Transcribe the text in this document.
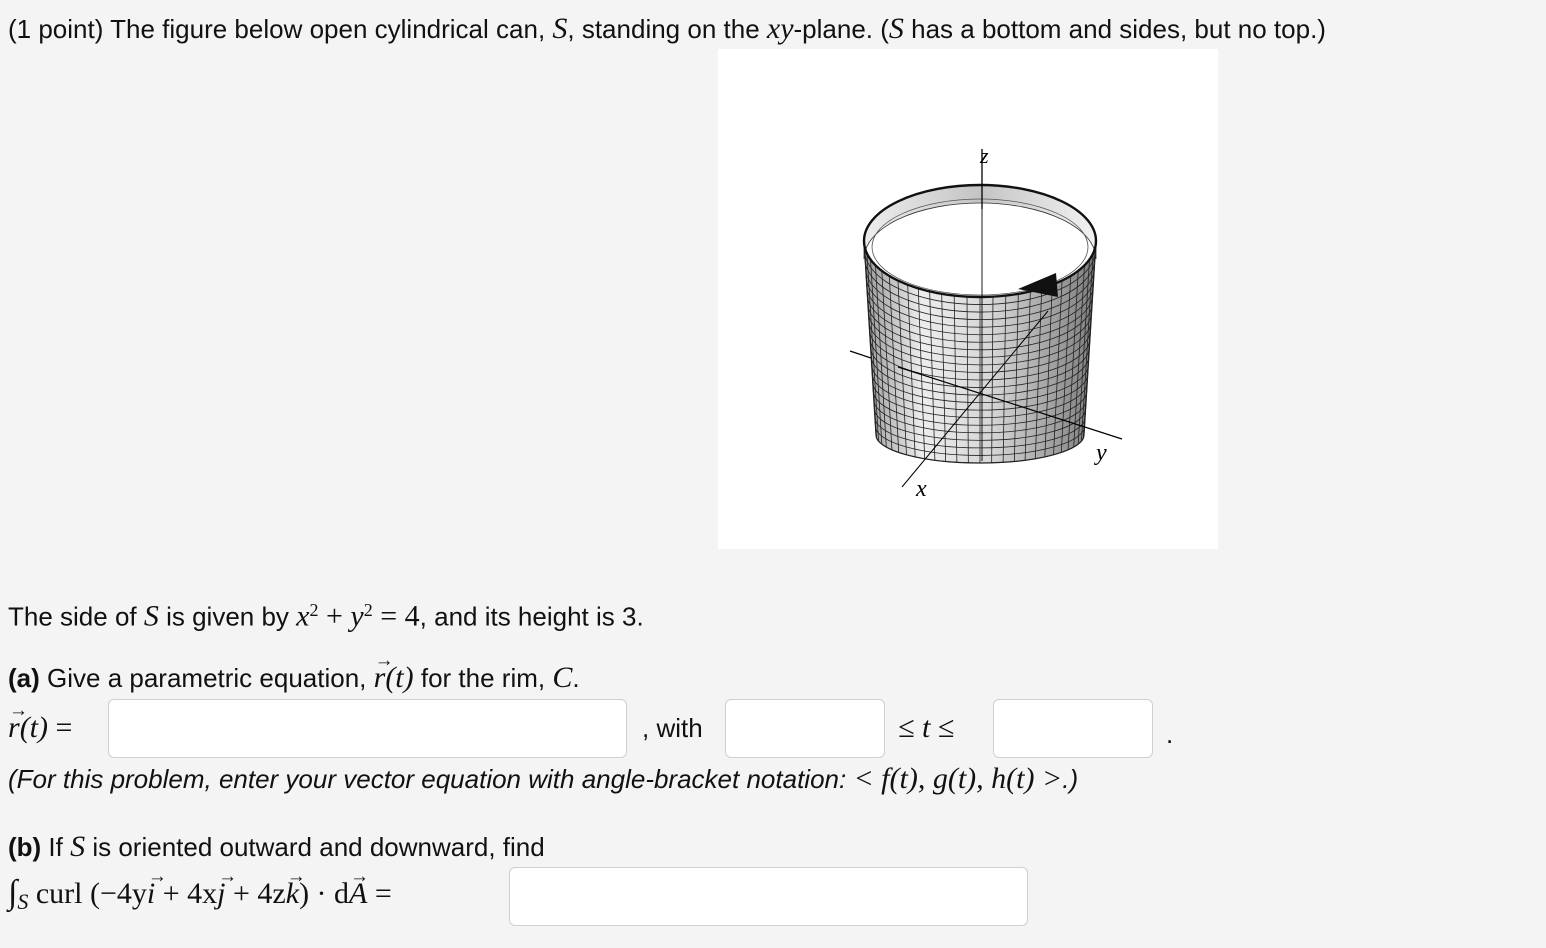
(1 point) The figure below open cylindrical can, S, standing on the xy-plane. (S has a bottom and sides, but no top.)
z
x
y
The side of S is given by $x^2 + y^2 = 4$, and its height is 3.
(a) Give a parametric equation, → r(t) for the rim, C.
→ r(t) =	, with	≤ t ≤	.
(For this problem, enter your vector equation with angle-bracket notation: < f(t), g(t), h(t) >.)
(b) If S is oriented outward and downward, find
$\int_S$ curl (−4y→ i + 4x→ j + 4z→ k) · d→ A =
